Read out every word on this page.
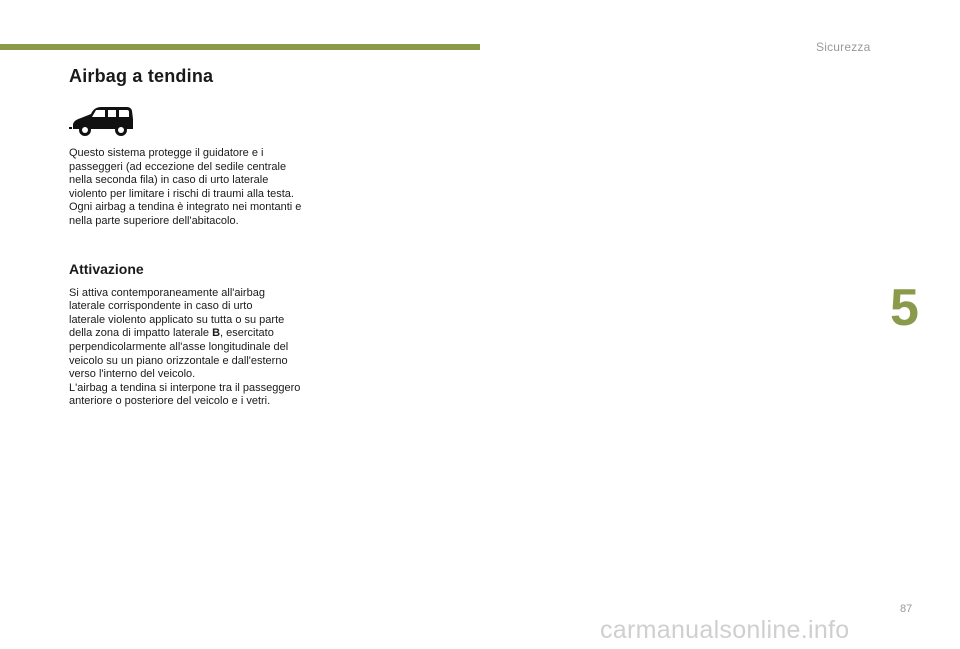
Sicurezza
5
Airbag a tendina

Questo sistema protegge il guidatore e i
passeggeri (ad eccezione del sedile centrale
nella seconda fila) in caso di urto laterale
violento per limitare i rischi di traumi alla testa.
Ogni airbag a tendina è integrato nei montanti e
nella parte superiore dell'abitacolo.

Attivazione

Si attiva contemporaneamente all'airbag
laterale corrispondente in caso di urto
laterale violento applicato su tutta o su parte
della zona di impatto laterale B, esercitato
perpendicolarmente all'asse longitudinale del
veicolo su un piano orizzontale e dall'esterno
verso l'interno del veicolo.
L'airbag a tendina si interpone tra il passeggero
anteriore o posteriore del veicolo e i vetri.

87
carmanualsonline.info
